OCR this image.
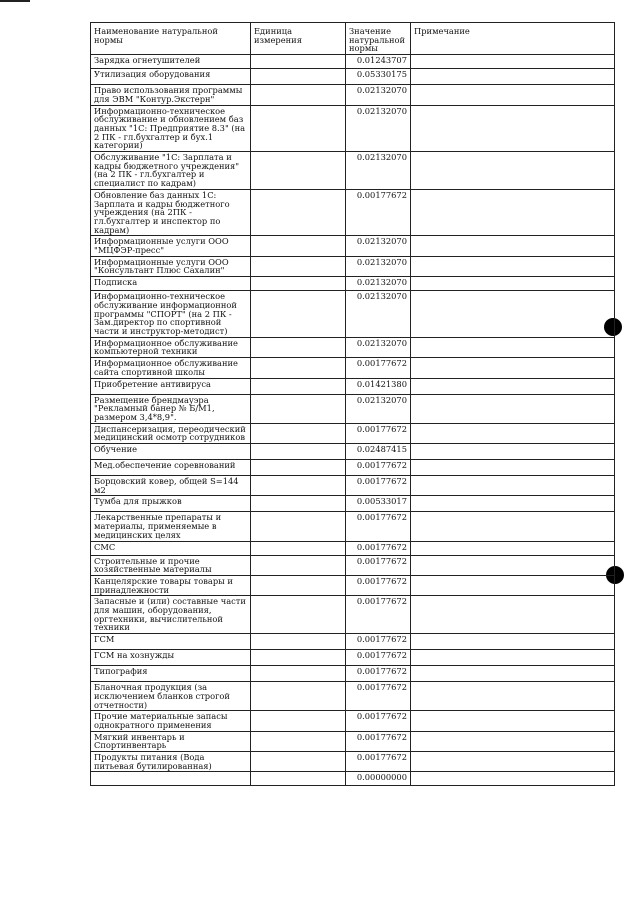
Наименование натуральной нормы	Единица измерения	Значение натуральной нормы	Примечание
Зарядка огнетушителей		0.01243707	
Утилизация оборудования		0.05330175	
Право использования программы для ЭВМ "Контур.Экстерн"		0.02132070	
Информационно-техническое обслуживание и обновлением баз данных "1С: Предприятие 8.3" (на 2 ПК - гл.бухгалтер и бух.1 категории)		0.02132070	
Обслуживание "1С: Зарплата и кадры бюджетного учреждения" (на 2 ПК - гл.бухгалтер и специалист по кадрам)		0.02132070	
Обновление баз данных 1С: Зарплата и кадры бюджетного учреждения (на 2ПК - гл.бухгалтер и инспектор по кадрам)		0.00177672	
Информационные услуги ООО "МЦФЭР-пресс"		0.02132070	
Информационные услуги ООО "Консультант Плюс Сахалин"		0.02132070	
Подписка		0.02132070	
Информационно-техническое обслуживание информационной программы "СПОРТ" (на 2 ПК - Зам.директор по спортивной части и инструктор-методист)		0.02132070	
Информационное обслуживание компьютерной техники		0.02132070	
Информационное обслуживание сайта спортивной школы		0.00177672	
Приобретение антивируса		0.01421380	
Размещение брендмауэра "Рекламный банер № Б/М1, размером 3,4*8,9".		0.02132070	
Диспансеризация, переодический медицинский осмотр сотрудников		0.00177672	
Обучение		0.02487415	
Мед.обеспечение соревнований		0.00177672	
Борцовский ковер, общей S=144 м2		0.00177672	
Тумба для прыжков		0.00533017	
Лекарственные препараты и материалы, применяемые в медицинских целях		0.00177672	
СМС		0.00177672	
Строительные и прочие хозяйственные материалы		0.00177672	
Канцелярские товары товары и принадлежности		0.00177672	
Запасные и (или) составные части для машин, оборудования, оргтехники, вычислительной техники		0.00177672	
ГСМ		0.00177672	
ГСМ на хознужды		0.00177672	
Типография		0.00177672	
Бланочная продукция (за исключением бланков строгой отчетности)		0.00177672	
Прочие материальные запасы однократного применения		0.00177672	
Мягкий инвентарь и Спортинвентарь		0.00177672	
Продукты питания (Вода питьевая бутилированная)		0.00177672	
		0.00000000	
